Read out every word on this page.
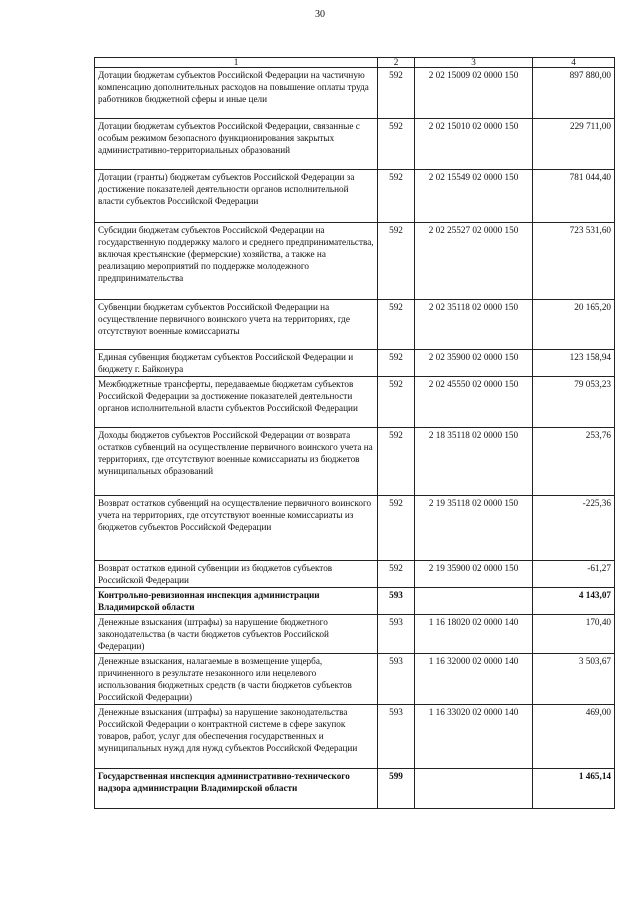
30
1	2	3	4
Дотации бюджетам субъектов Российской Федерации на частичную компенсацию дополнительных расходов на повышение оплаты труда работников бюджетной сферы и иные цели	592	2 02 15009 02 0000 150	897 880,00
Дотации бюджетам субъектов Российской Федерации, связанные с особым режимом безопасного функционирования закрытых административно-территориальных образований	592	2 02 15010 02 0000 150	229 711,00
Дотации (гранты) бюджетам субъектов Российской Федерации за достижение показателей деятельности органов исполнительной власти субъектов Российской Федерации	592	2 02 15549 02 0000 150	781 044,40
Субсидии бюджетам субъектов Российской Федерации на государственную поддержку малого и среднего предпринимательства, включая крестьянские (фермерские) хозяйства, а также на реализацию мероприятий по поддержке молодежного предпринимательства	592	2 02 25527 02 0000 150	723 531,60
Субвенции бюджетам субъектов Российской Федерации на осуществление первичного воинского учета на территориях, где отсутствуют военные комиссариаты	592	2 02 35118 02 0000 150	20 165,20
Единая субвенция бюджетам субъектов Российской Федерации и бюджету г. Байконура	592	2 02 35900 02 0000 150	123 158,94
Межбюджетные трансферты, передаваемые бюджетам субъектов Российской Федерации за достижение показателей деятельности органов исполнительной власти субъектов Российской Федерации	592	2 02 45550 02 0000 150	79 053,23
Доходы бюджетов субъектов Российской Федерации от возврата остатков субвенций на осуществление первичного воинского учета на территориях, где отсутствуют военные комиссариаты из бюджетов муниципальных образований	592	2 18 35118 02 0000 150	253,76
Возврат остатков субвенций на осуществление первичного воинского учета на территориях, где отсутствуют военные комиссариаты из бюджетов субъектов Российской Федерации	592	2 19 35118 02 0000 150	-225,36
Возврат остатков единой субвенции из бюджетов субъектов Российской Федерации	592	2 19 35900 02 0000 150	-61,27
Контрольно-ревизионная инспекция администрации Владимирской области	593		4 143,07
Денежные взыскания (штрафы) за нарушение бюджетного законодательства (в части бюджетов субъектов Российской Федерации)	593	1 16 18020 02 0000 140	170,40
Денежные взыскания, налагаемые в возмещение ущерба, причиненного в результате незаконного или нецелевого использования бюджетных средств (в части бюджетов субъектов Российской Федерации)	593	1 16 32000 02 0000 140	3 503,67
Денежные взыскания (штрафы) за нарушение законодательства Российской Федерации о контрактной системе в сфере закупок товаров, работ, услуг для обеспечения государственных и муниципальных нужд для нужд субъектов Российской Федерации	593	1 16 33020 02 0000 140	469,00
Государственная инспекция административно-технического надзора администрации Владимирской области	599		1 465,14
